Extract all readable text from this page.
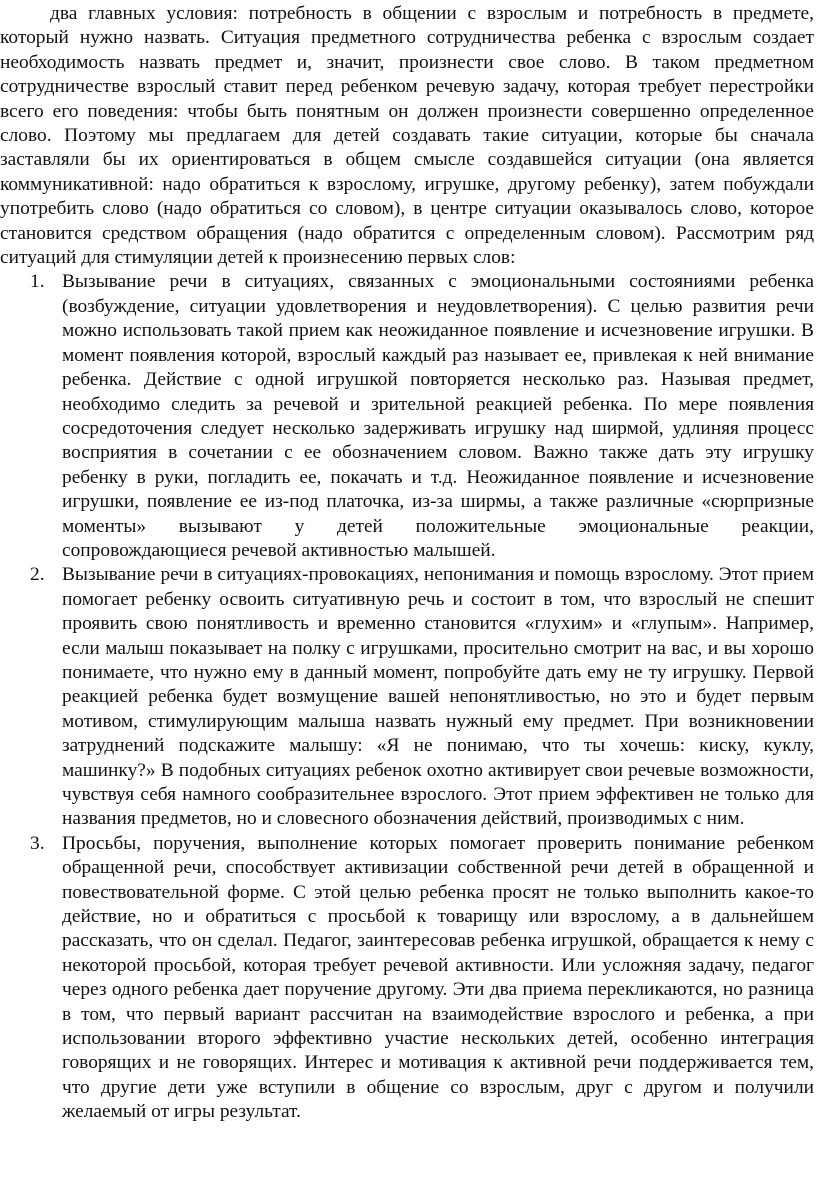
два главных условия: потребность в общении с взрослым и потребность в предмете, который нужно назвать. Ситуация предметного сотрудничества ребенка с взрослым создает необходимость назвать предмет и, значит, произнести свое слово. В таком предметном сотрудничестве взрослый ставит перед ребенком речевую задачу, которая требует перестройки всего его поведения: чтобы быть понятным он должен произнести совершенно определенное слово. Поэтому мы предлагаем для детей создавать такие ситуации, которые бы сначала заставляли бы их ориентироваться в общем смысле создавшейся ситуации (она является коммуникативной: надо обратиться к взрослому, игрушке, другому ребенку), затем побуждали употребить слово (надо обратиться со словом), в центре ситуации оказывалось слово, которое становится средством обращения (надо обратится с определенным словом). Рассмотрим ряд ситуаций для стимуляции детей к произнесению первых слов:

1. Вызывание речи в ситуациях, связанных с эмоциональными состояниями ребенка (возбуждение, ситуации удовлетворения и неудовлетворения). С целью развития речи можно использовать такой прием как неожиданное появление и исчезновение игрушки. В момент появления которой, взрослый каждый раз называет ее, привлекая к ней внимание ребенка. Действие с одной игрушкой повторяется несколько раз. Называя предмет, необходимо следить за речевой и зрительной реакцией ребенка. По мере появления сосредоточения следует несколько задерживать игрушку над ширмой, удлиняя процесс восприятия в сочетании с ее обозначением словом. Важно также дать эту игрушку ребенку в руки, погладить ее, покачать и т.д. Неожиданное появление и исчезновение игрушки, появление ее из-под платочка, из-за ширмы, а также различные «сюрпризные моменты» вызывают у детей положительные эмоциональные реакции, сопровождающиеся речевой активностью малышей.
2. Вызывание речи в ситуациях-провокациях, непонимания и помощь взрослому. Этот прием помогает ребенку освоить ситуативную речь и состоит в том, что взрослый не спешит проявить свою понятливость и временно становится «глухим» и «глупым». Например, если малыш показывает на полку с игрушками, просительно смотрит на вас, и вы хорошо понимаете, что нужно ему в данный момент, попробуйте дать ему не ту игрушку. Первой реакцией ребенка будет возмущение вашей непонятливостью, но это и будет первым мотивом, стимулирующим малыша назвать нужный ему предмет. При возникновении затруднений подскажите малышу: «Я не понимаю, что ты хочешь: киску, куклу, машинку?» В подобных ситуациях ребенок охотно активирует свои речевые возможности, чувствуя себя намного сообразительнее взрослого. Этот прием эффективен не только для названия предметов, но и словесного обозначения действий, производимых с ним.
3. Просьбы, поручения, выполнение которых помогает проверить понимание ребенком обращенной речи, способствует активизации собственной речи детей в обращенной и повествовательной форме. С этой целью ребенка просят не только выполнить какое-то действие, но и обратиться с просьбой к товарищу или взрослому, а в дальнейшем рассказать, что он сделал. Педагог, заинтересовав ребенка игрушкой, обращается к нему с некоторой просьбой, которая требует речевой активности. Или усложняя задачу, педагог через одного ребенка дает поручение другому. Эти два приема перекликаются, но разница в том, что первый вариант рассчитан на взаимодействие взрослого и ребенка, а при использовании второго эффективно участие нескольких детей, особенно интеграция говорящих и не говорящих. Интерес и мотивация к активной речи поддерживается тем, что другие дети уже вступили в общение со взрослым, друг с другом и получили желаемый от игры результат.
